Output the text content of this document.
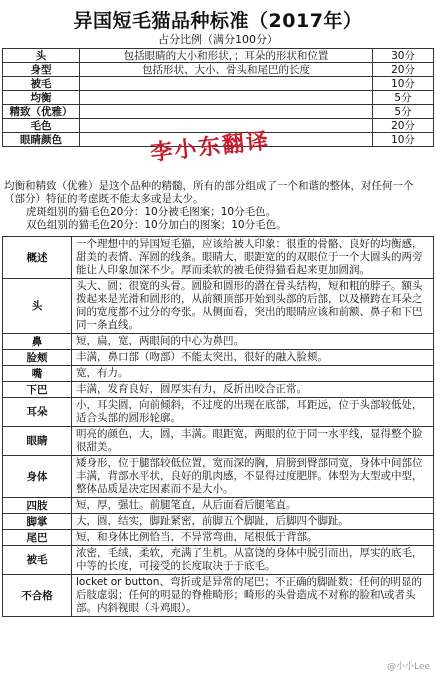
异国短毛猫品种标准（2017年）
占分比例（满分100分）
头	包括眼睛的大小和形状，；耳朵的形状和位置	30分
身型	包括形状、大小、骨头和尾巴的长度	20分
被毛		10分
均衡		5分
精致（优雅）		5分
毛色		20分
眼睛颜色		10分
李小东翻译
均衡和精致（优雅）是这个品种的精髓，所有的部分组成了一个和谐的整体，对任何一个（部分）特征的考虑既不能太多或是太少。
虎斑组别的猫毛色20分：10分被毛图案；10分毛色。
双色组别的猫毛色20分：10分加白的图案；10分毛色。
概述	一个理想中的异国短毛猫，应该给被人印象：很重的骨骼、良好的均衡感，甜美的表情、浑圆的线条。眼睛大，眼距宽的的双眼位于一个大圆头的两旁能让人印象加深不少。厚而柔软的被毛使得猫看起来更加圆润。
头	头大、圆；很宽的头骨。圆脸和圆形的潜在骨头结构，短和粗的脖子。额头拨起来是光滑和圆形的，从前额顶部开始到头部的后部，以及横跨在耳朵之间的宽度都不过分的夸张。从侧面看，突出的眼睛应该和前额、鼻子和下巴同一条直线。
鼻	短，扁，宽，两眼间的中心为鼻凹。
脸颊	丰满，鼻口部（吻部）不能太突出，很好的融入脸颊。
嘴	宽，有力。
下巴	丰满，发育良好，圆厚实有力，反折出咬合正常。
耳朵	小，耳尖圆，向前倾斜，不过度的出现在底部，耳距远，位于头部较低处，适合头部的圆形轮廓。
眼睛	明亮的颜色，大，圆，丰满。眼距宽，两眼的位于同一水平线，显得整个脸很甜美。
身体	矮身形，位于腿部较低位置，宽而深的胸，肩膀到臀部同宽，身体中间部位丰满，背部水平状，良好的肌肉感，不显得过度肥胖。体型为大型或中型，整体品质是决定因素而不是大小。
四肢	短，厚，强壮。前腿笔直，从后面看后腿笔直。
脚掌	大，圆，结实，脚趾紧密，前脚五个脚趾，后脚四个脚趾。
尾巴	短，和身体比例恰当，不异常弯曲，尾根低于背部。
被毛	浓密，毛绒，柔软，充满了生机。从富饶的身体中脱引而出，厚实的底毛，中等的长度，可接受的长度取决于于底毛。
不合格	locket or button、弯折或是异常的尾巴；不正确的脚趾数；任何的明显的后肢虚弱；任何的明显的脊椎畸形；畸形的头骨造成不对称的脸和\或者头部。内斜视眼（斗鸡眼）。
@小小Lee
